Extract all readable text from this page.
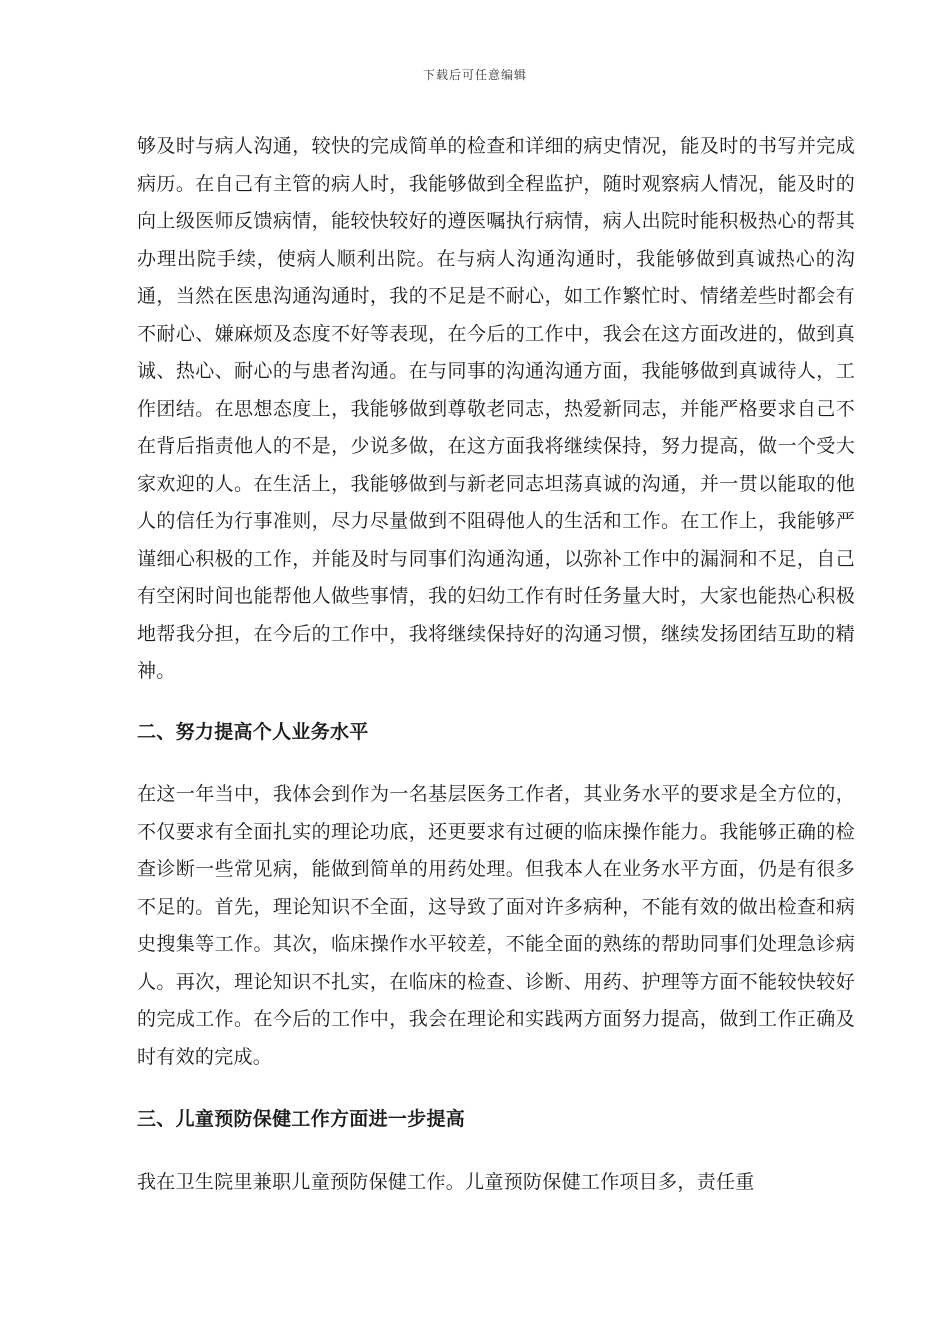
下载后可任意编辑

够及时与病人沟通，较快的完成简单的检查和详细的病史情况，能及时的书写并完成病历。在自己有主管的病人时，我能够做到全程监护，随时观察病人情况，能及时的向上级医师反馈病情，能较快较好的遵医嘱执行病情，病人出院时能积极热心的帮其办理出院手续，使病人顺利出院。在与病人沟通沟通时，我能够做到真诚热心的沟通，当然在医患沟通沟通时，我的不足是不耐心，如工作繁忙时、情绪差些时都会有不耐心、嫌麻烦及态度不好等表现，在今后的工作中，我会在这方面改进的，做到真诚、热心、耐心的与患者沟通。在与同事的沟通沟通方面，我能够做到真诚待人，工作团结。在思想态度上，我能够做到尊敬老同志，热爱新同志，并能严格要求自己不在背后指责他人的不是，少说多做，在这方面我将继续保持，努力提高，做一个受大家欢迎的人。在生活上，我能够做到与新老同志坦荡真诚的沟通，并一贯以能取的他人的信任为行事准则，尽力尽量做到不阻碍他人的生活和工作。在工作上，我能够严谨细心积极的工作，并能及时与同事们沟通沟通，以弥补工作中的漏洞和不足，自己有空闲时间也能帮他人做些事情，我的妇幼工作有时任务量大时，大家也能热心积极地帮我分担，在今后的工作中，我将继续保持好的沟通习惯，继续发扬团结互助的精神。

二、努力提高个人业务水平

在这一年当中，我体会到作为一名基层医务工作者，其业务水平的要求是全方位的，不仅要求有全面扎实的理论功底，还更要求有过硬的临床操作能力。我能够正确的检查诊断一些常见病，能做到简单的用药处理。但我本人在业务水平方面，仍是有很多不足的。首先，理论知识不全面，这导致了面对许多病种，不能有效的做出检查和病史搜集等工作。其次，临床操作水平较差，不能全面的熟练的帮助同事们处理急诊病人。再次，理论知识不扎实，在临床的检查、诊断、用药、护理等方面不能较快较好的完成工作。在今后的工作中，我会在理论和实践两方面努力提高，做到工作正确及时有效的完成。

三、儿童预防保健工作方面进一步提高

我在卫生院里兼职儿童预防保健工作。儿童预防保健工作项目多，责任重
